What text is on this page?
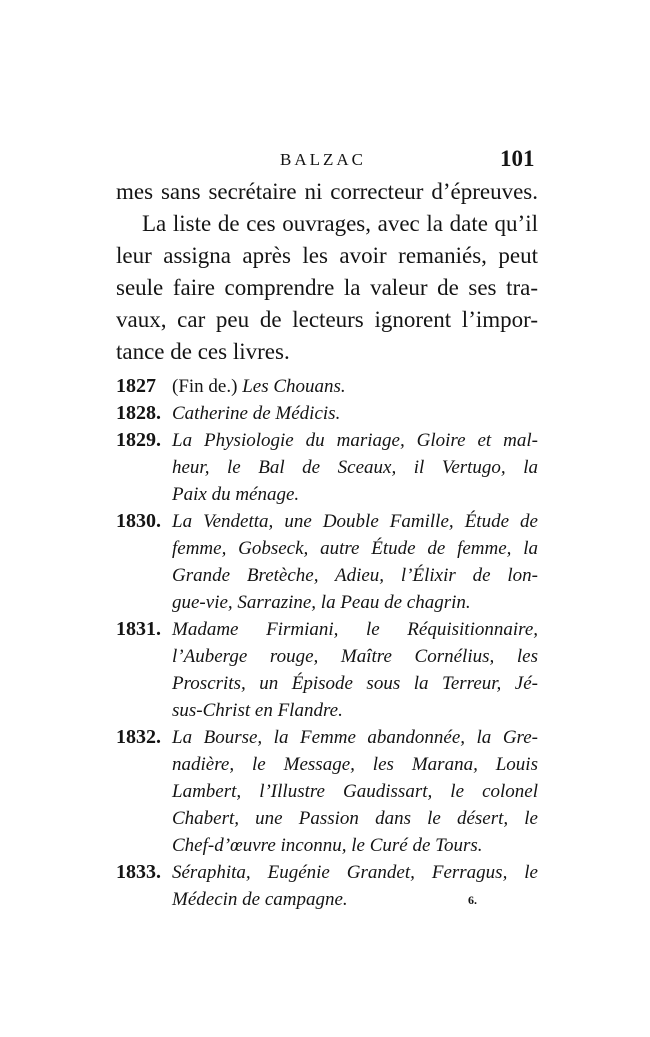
BALZAC	101
mes sans secrétaire ni correcteur d’épreuves.
La liste de ces ouvrages, avec la date qu’il
leur assigna après les avoir remaniés, peut
seule faire comprendre la valeur de ses tra-
vaux, car peu de lecteurs ignorent l’impor-
tance de ces livres.
1827 (Fin de.) Les Chouans.
1828. Catherine de Médicis.
1829. La Physiologie du mariage, Gloire et mal-
heur, le Bal de Sceaux, il Vertugo, la
Paix du ménage.
1830. La Vendetta, une Double Famille, Étude de
femme, Gobseck, autre Étude de femme, la
Grande Bretèche, Adieu, l’Élixir de lon-
gue-vie, Sarrazine, la Peau de chagrin.
1831. Madame Firmiani, le Réquisitionnaire,
l’Auberge rouge, Maître Cornélius, les
Proscrits, un Épisode sous la Terreur, Jé-
sus-Christ en Flandre.
1832. La Bourse, la Femme abandonnée, la Gre-
nadière, le Message, les Marana, Louis
Lambert, l’Illustre Gaudissart, le colonel
Chabert, une Passion dans le désert, le
Chef-d’œuvre inconnu, le Curé de Tours.
1833. Séraphita, Eugénie Grandet, Ferragus, le
Médecin de campagne.	6.
